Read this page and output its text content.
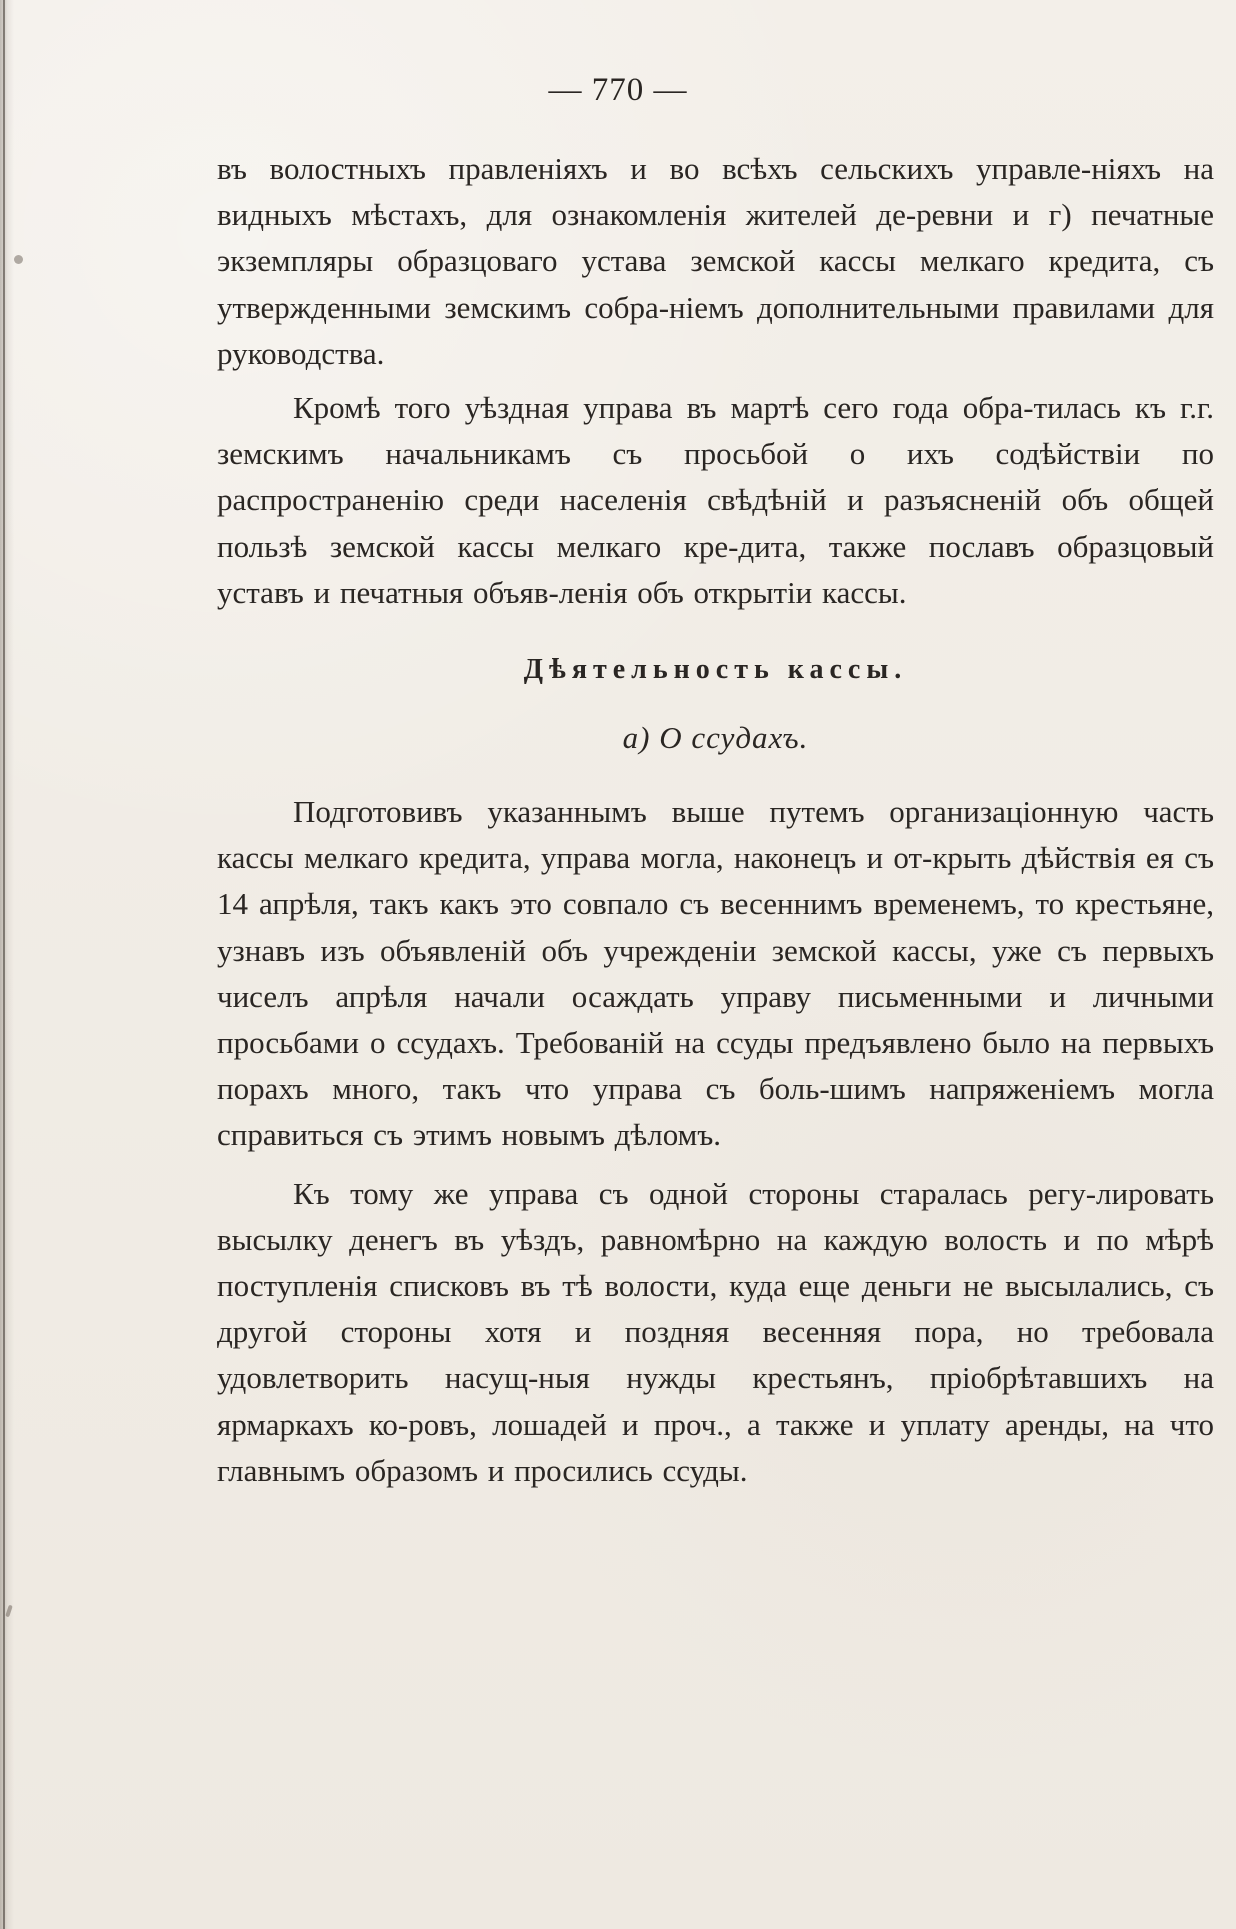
— 770 —

въ волостныхъ правленіяхъ и во всѣхъ сельскихъ управле-ніяхъ на видныхъ мѣстахъ, для ознакомленія жителей де-ревни и г) печатные экземпляры образцоваго устава земской кассы мелкаго кредита, съ утвержденными земскимъ собра-ніемъ дополнительными правилами для руководства.

Кромѣ того уѣздная управа въ мартѣ сего года обра-тилась къ г.г. земскимъ начальникамъ съ просьбой о ихъ содѣйствіи по распространенію среди населенія свѣдѣній и разъясненій объ общей пользѣ земской кассы мелкаго кре-дита, также пославъ образцовый уставъ и печатныя объяв-ленія объ открытіи кассы.

Дѣятельность кассы.
а) О ссудахъ.

Подготовивъ указаннымъ выше путемъ организаціонную часть кассы мелкаго кредита, управа могла, наконецъ и от-крыть дѣйствія ея съ 14 апрѣля, такъ какъ это совпало съ весеннимъ временемъ, то крестьяне, узнавъ изъ объявленій объ учрежденіи земской кассы, уже съ первыхъ чиселъ апрѣля начали осаждать управу письменными и личными просьбами о ссудахъ. Требованій на ссуды предъявлено было на первыхъ порахъ много, такъ что управа съ боль-шимъ напряженіемъ могла справиться съ этимъ новымъ дѣломъ.

Къ тому же управа съ одной стороны старалась регу-лировать высылку денегъ въ уѣздъ, равномѣрно на каждую волость и по мѣрѣ поступленія списковъ въ тѣ волости, куда еще деньги не высылались, съ другой стороны хотя и поздняя весенняя пора, но требовала удовлетворить насущ-ныя нужды крестьянъ, пріобрѣтавшихъ на ярмаркахъ ко-ровъ, лошадей и проч., а также и уплату аренды, на что главнымъ образомъ и просились ссуды.
